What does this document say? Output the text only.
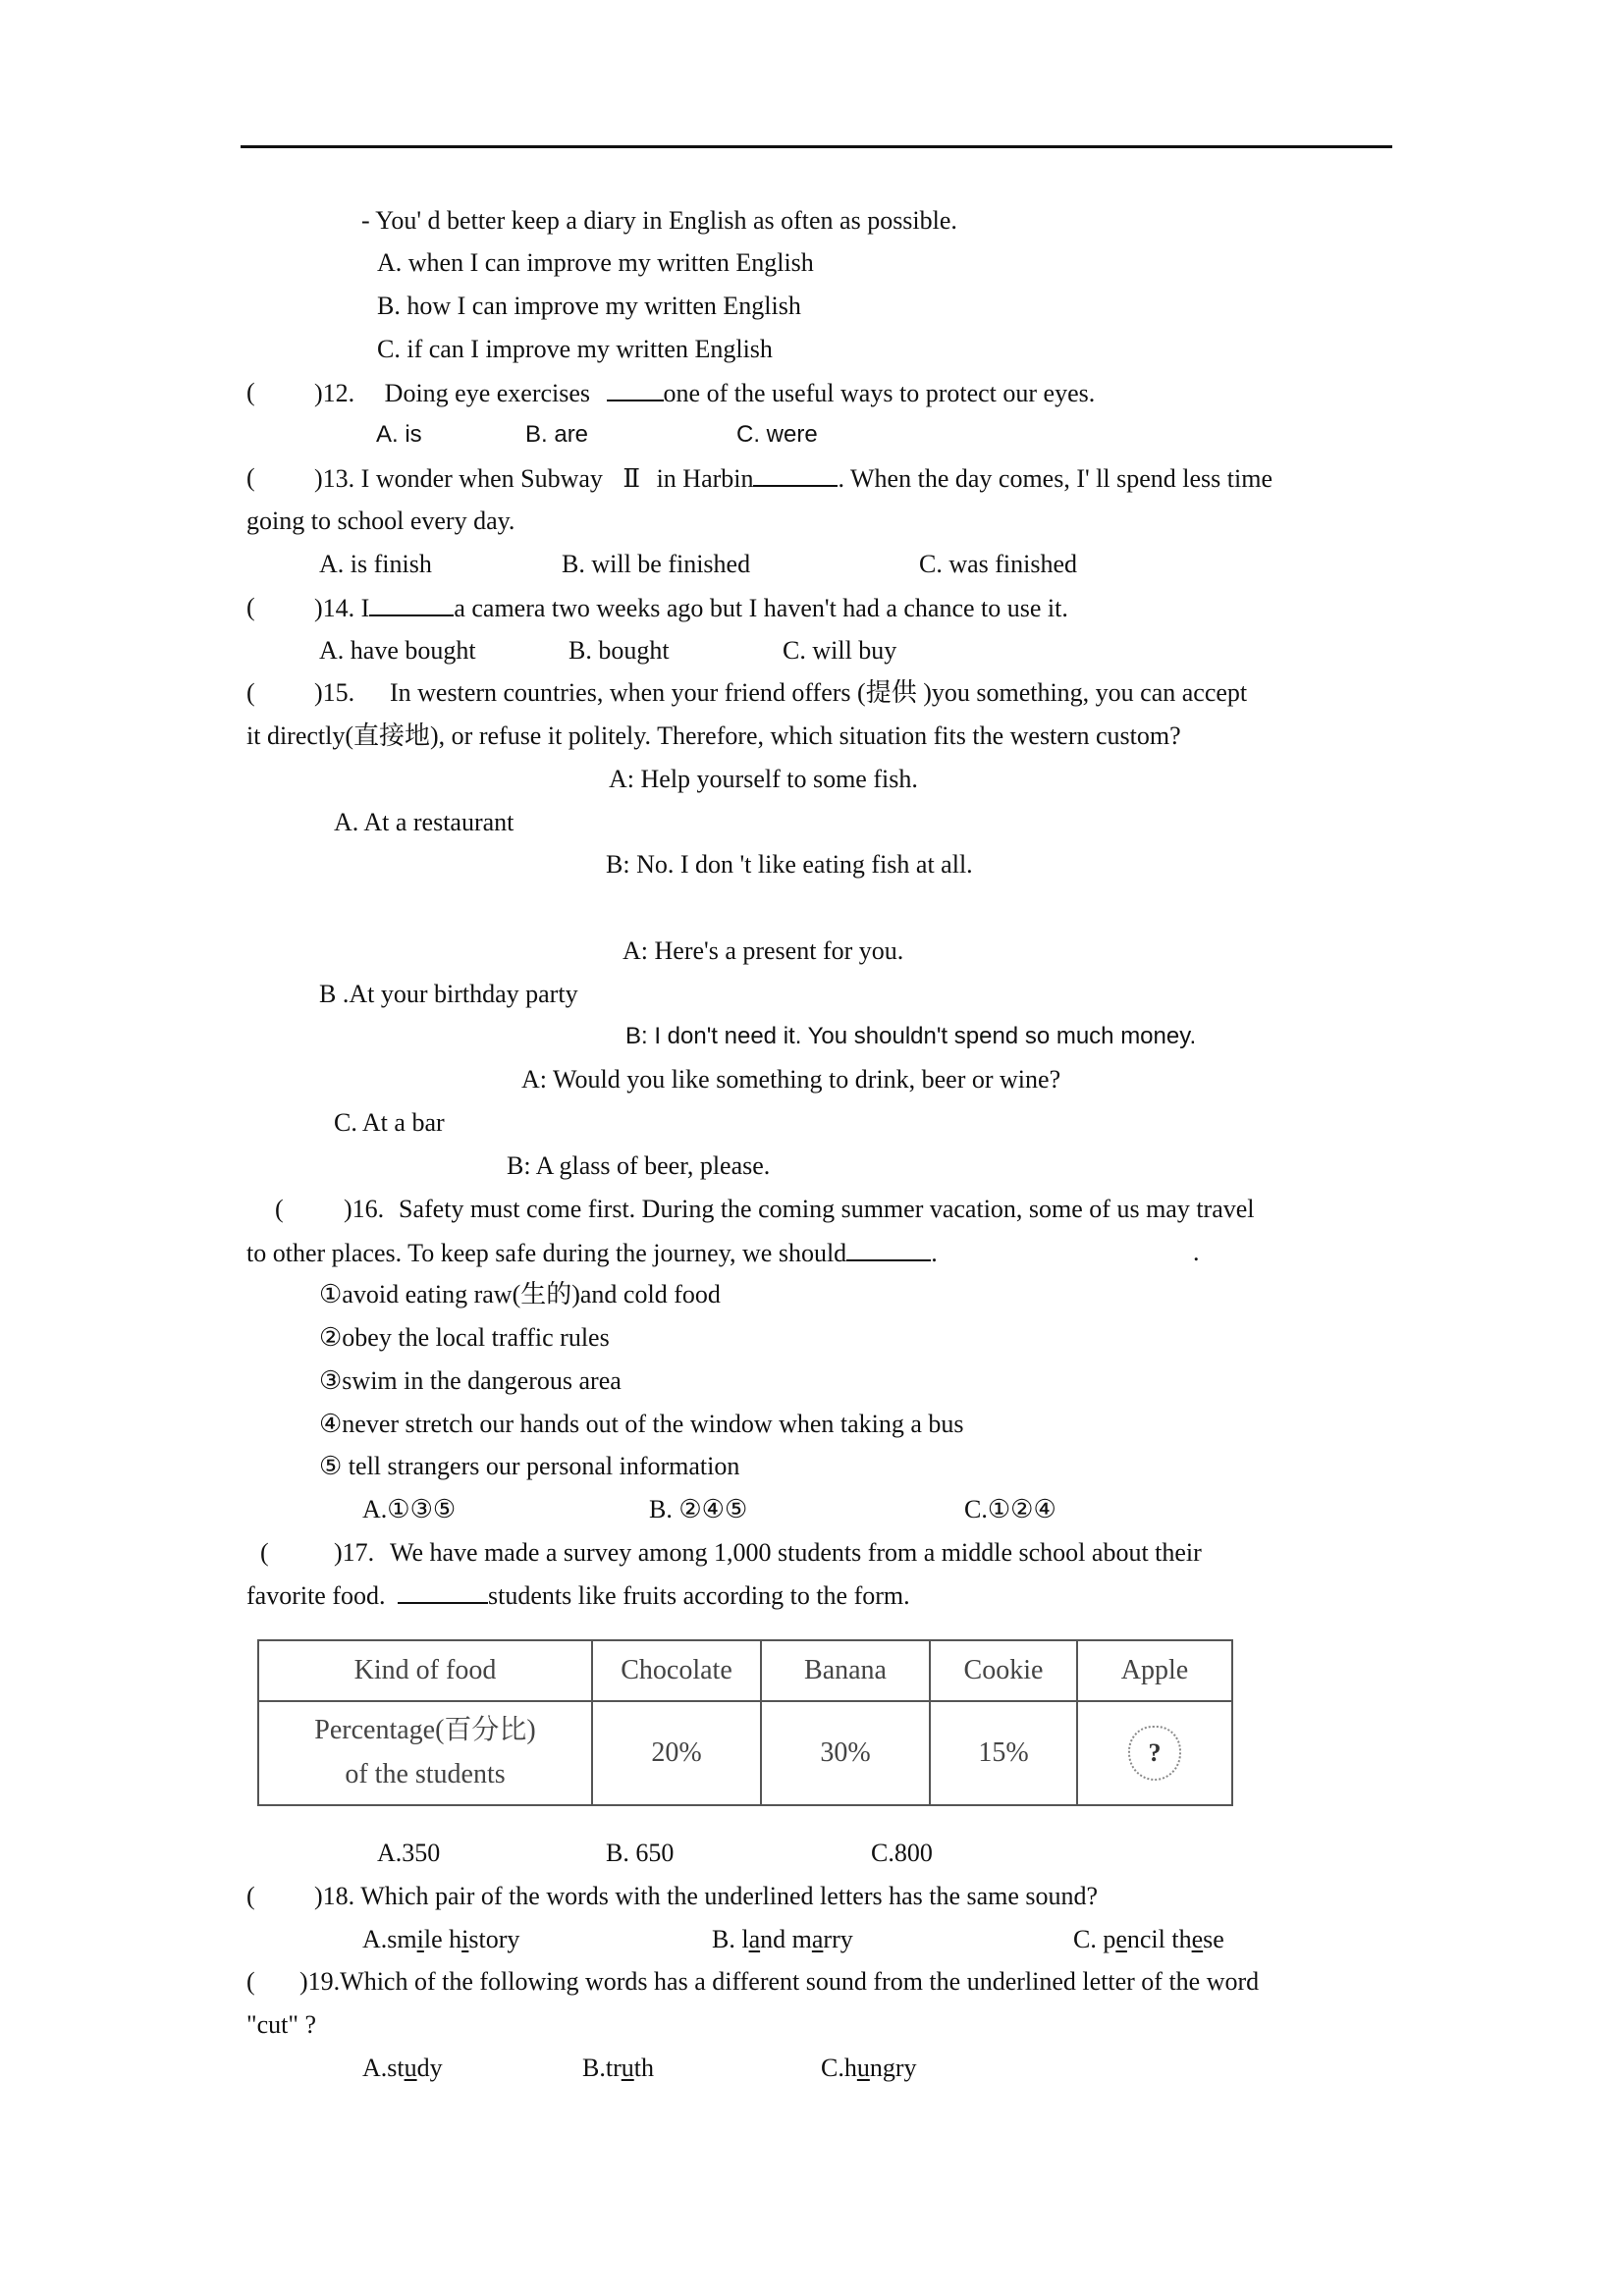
- You' d better keep a diary in English as often as possible.
A. when I can improve my written English
B. how I can improve my written English
C. if can I improve my written English
( )12. Doing eye exercises	one of the useful ways to protect our eyes.
A. is	B. are	C. were
( )13. I wonder when Subway Ⅱ in Harbin	. When the day comes, I' ll spend less time
going to school every day.
A. is finish	B. will be finished	C. was finished
( )14. I	a camera two weeks ago but I haven't had a chance to use it.
A. have bought	B. bought	C. will buy
( )15. In western countries, when your friend offers (提供 )you something, you can accept
it directly(直接地), or refuse it politely. Therefore, which situation fits the western custom?
A: Help yourself to some fish.
A. At a restaurant
B: No. I don 't like eating fish at all.
A: Here's a present for you.
B .At your birthday party
B: I don't need it. You shouldn't spend so much money.
A: Would you like something to drink, beer or wine?
C. At a bar
B: A glass of beer, please.
( )16. Safety must come first. During the coming summer vacation, some of us may travel
to other places. To keep safe during the journey, we should	.	.
①avoid eating raw(生的)and cold food
②obey the local traffic rules
③swim in the dangerous area
④never stretch our hands out of the window when taking a bus
⑤ tell strangers our personal information
A.①③⑤	B. ②④⑤	C.①②④
(	)17. We have made a survey among 1,000 students from a middle school about their
favorite food.	students like fruits according to the form.
Kind of food	Chocolate	Banana	Cookie	Apple

Percentage(百分比)
of the students	20%	30%	15%	?
A.350	B. 650	C.800
( )18. Which pair of the words with the underlined letters has the same sound?
A.smile history	B. land marry	C. pencil these
( )19.Which of the following words has a different sound from the underlined letter of the word
"cut" ?
A.study	B.truth	C.hungry
